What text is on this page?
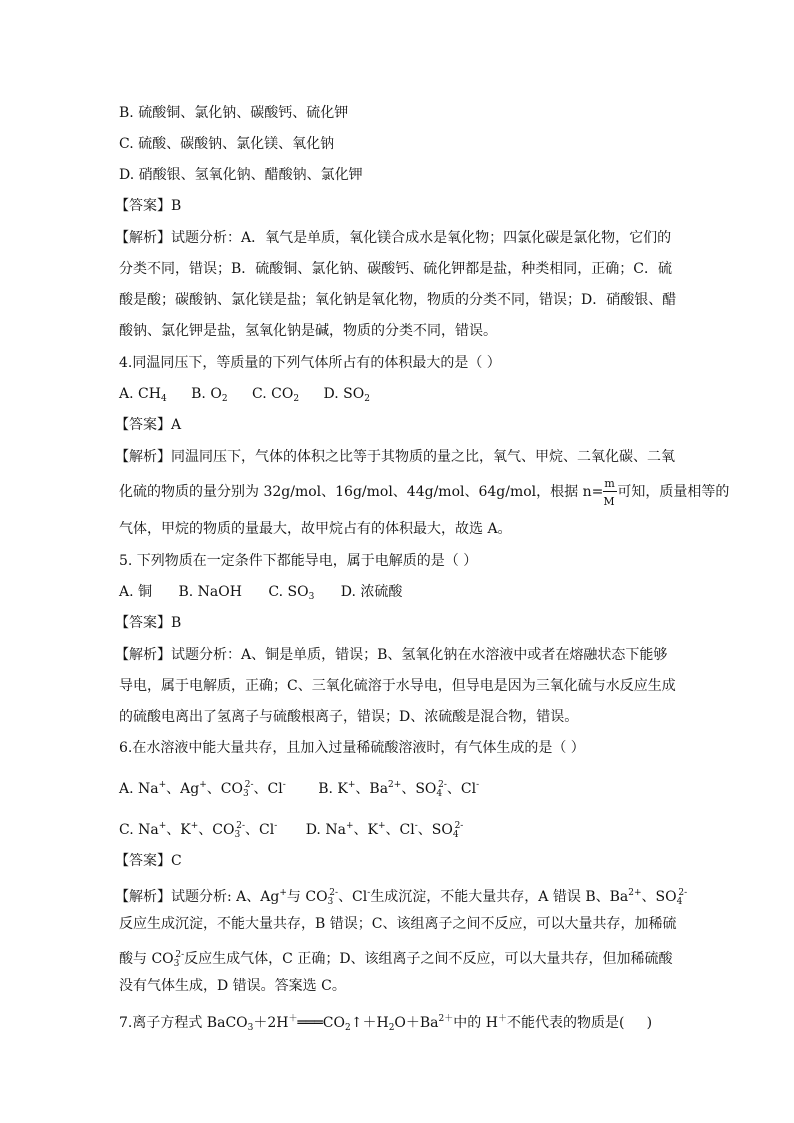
B. 硫酸铜、氯化钠、碳酸钙、硫化钾
C. 硫酸、碳酸钠、氯化镁、氧化钠
D. 硝酸银、氢氧化钠、醋酸钠、氯化钾
【答案】B
【解析】试题分析：A．氧气是单质，氧化镁合成水是氧化物；四氯化碳是氯化物，它们的
分类不同，错误；B．硫酸铜、氯化钠、碳酸钙、硫化钾都是盐，种类相同，正确；C．硫
酸是酸；碳酸钠、氯化镁是盐；氧化钠是氧化物，物质的分类不同，错误；D．硝酸银、醋
酸钠、氯化钾是盐，氢氧化钠是碱，物质的分类不同，错误。
4.同温同压下，等质量的下列气体所占有的体积最大的是（ ）
A. $CH_4$ B. $O_2$ C. $CO_2$ D. $SO_2$
【答案】A
【解析】同温同压下，气体的体积之比等于其物质的量之比，氧气、甲烷、二氧化碳、二氧
化硫的物质的量分别为 32g/mol、16g/mol、44g/mol、64g/mol，根据 $n= \frac{m}{M}$ 可知，质量相等的
气体，甲烷的物质的量最大，故甲烷占有的体积最大，故选 A。
5. 下列物质在一定条件下都能导电，属于电解质的是（ ）
A. 铜 B. NaOH C. $SO_3$ D. 浓硫酸
【答案】B
【解析】试题分析：A、铜是单质，错误；B、氢氧化钠在水溶液中或者在熔融状态下能够
导电，属于电解质，正确；C、三氧化硫溶于水导电，但导电是因为三氧化硫与水反应生成
的硫酸电离出了氢离子与硫酸根离子，错误；D、浓硫酸是混合物，错误。
6.在水溶液中能大量共存，且加入过量稀硫酸溶液时，有气体生成的是（ ）
A. Na+、Ag+、$CO_3^{2-}$、Cl- B. K+、$Ba^{2+}$、$SO_4^{2-}$、Cl-
C. Na+、K+、$CO_3^{2-}$、Cl- D. Na+、K+、Cl-、$SO_4^{2-}$
【答案】C
【解析】试题分析: A、Ag+与 $CO_3^{2-}$、Cl-生成沉淀，不能大量共存，A 错误 B、$Ba^{2+}$、$SO_4^{2-}$
反应生成沉淀，不能大量共存，B 错误；C、该组离子之间不反应，可以大量共存，加稀硫
酸与 $CO_3^{2-}$反应生成气体，C 正确；D、该组离子之间不反应，可以大量共存，但加稀硫酸
没有气体生成，D 错误。答案选 C。
7.离子方程式 $BaCO_3+2H^+═══CO_2↑+H_2O+Ba^{2+}$中的 H＋不能代表的物质是(     )
